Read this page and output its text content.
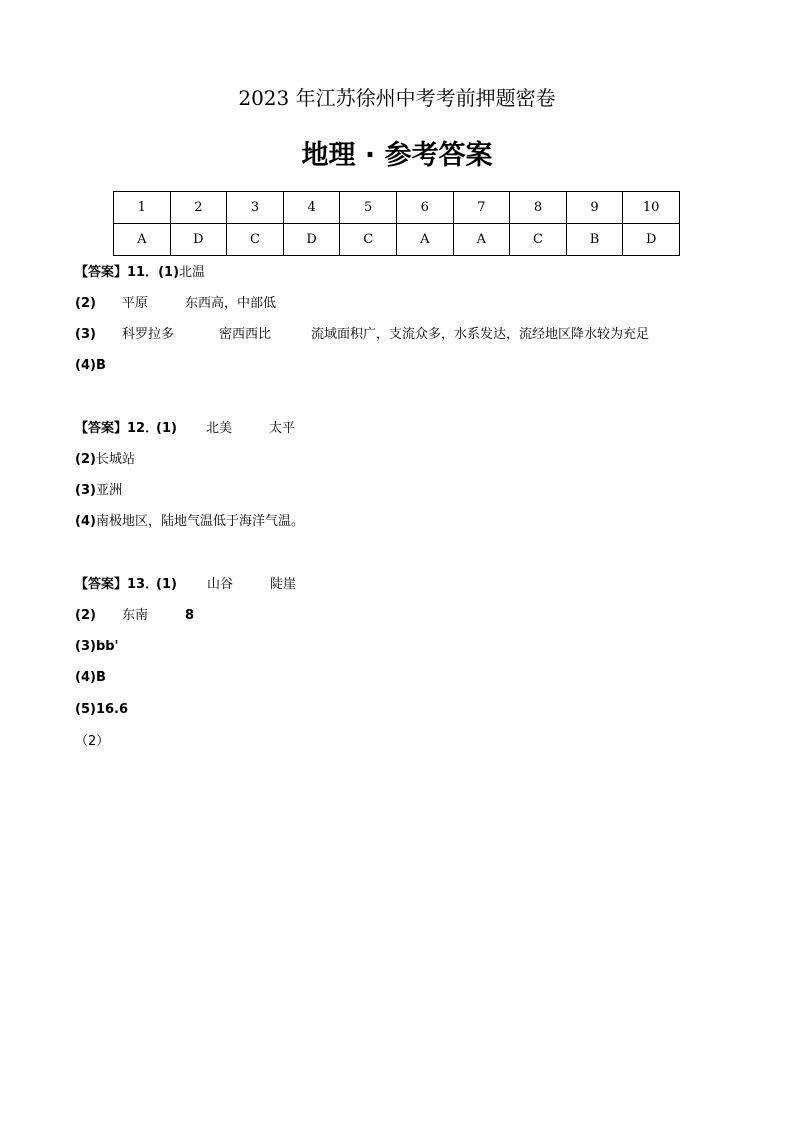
2023 年江苏徐州中考考前押题密卷
地理 · 参考答案
1	2	3	4	5	6	7	8	9	10
A	D	C	D	C	A	A	C	B	D
【答案】11．(1)北温
(2) 平原	东西高，中部低
(3) 科罗拉多	密西西比	流域面积广，支流众多，水系发达，流经地区降水较为充足
(4)B
【答案】12．
(1) 北美	太平
(2)长城站
(3)亚洲
(4)南极地区，陆地气温低于海洋气温。
【答案】13．
(1) 山谷	陡崖
(2) 东南	8
(3)bb'
(4)B
(5)16.6
（2）
